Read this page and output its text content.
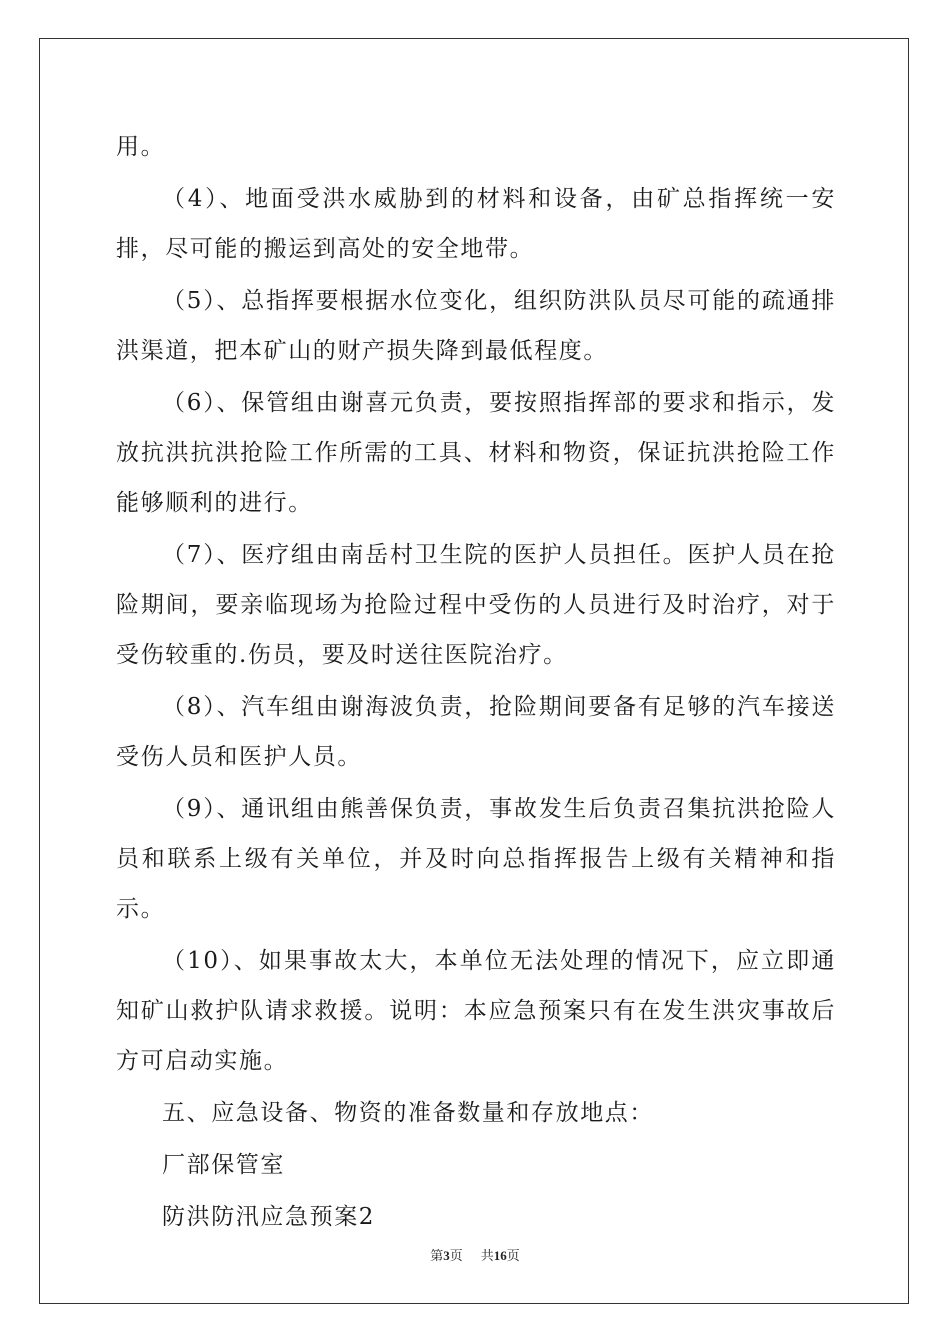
用。

（4）、地面受洪水威胁到的材料和设备，由矿总指挥统一安排，尽可能的搬运到高处的安全地带。

（5）、总指挥要根据水位变化，组织防洪队员尽可能的疏通排洪渠道，把本矿山的财产损失降到最低程度。

（6）、保管组由谢喜元负责，要按照指挥部的要求和指示，发放抗洪抗洪抢险工作所需的工具、材料和物资，保证抗洪抢险工作能够顺利的进行。

（7）、医疗组由南岳村卫生院的医护人员担任。医护人员在抢险期间，要亲临现场为抢险过程中受伤的人员进行及时治疗，对于受伤较重的.伤员，要及时送往医院治疗。

（8）、汽车组由谢海波负责，抢险期间要备有足够的汽车接送受伤人员和医护人员。

（9）、通讯组由熊善保负责，事故发生后负责召集抗洪抢险人员和联系上级有关单位，并及时向总指挥报告上级有关精神和指示。

（10）、如果事故太大，本单位无法处理的情况下，应立即通知矿山救护队请求救援。说明：本应急预案只有在发生洪灾事故后方可启动实施。

五、应急设备、物资的准备数量和存放地点：

厂部保管室

防洪防汛应急预案2

第3页 共16页
